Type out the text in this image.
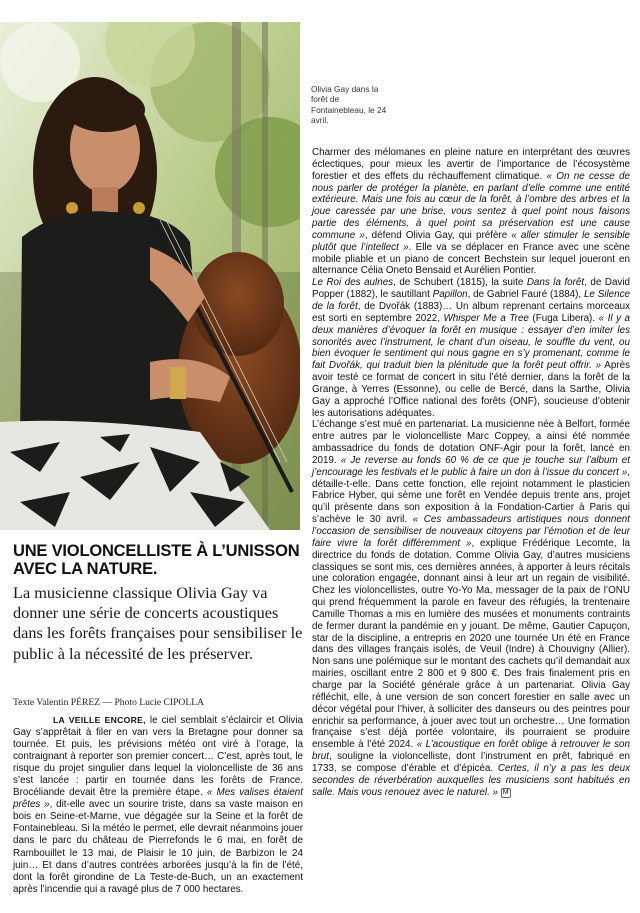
Olivia Gay dans la forêt de Fontainebleau, le 24 avril.
UNE VIOLONCELLISTE À L’UNISSON AVEC LA NATURE.

La musicienne classique Olivia Gay va donner une série de concerts acoustiques dans les forêts françaises pour sensibiliser le public à la nécessité de les préserver.

Texte Valentin PÉREZ — Photo Lucie CIPOLLA

LA VEILLE ENCORE, le ciel semblait s’éclaircir et Olivia Gay s’apprêtait à filer en van vers la Bretagne pour donner sa tournée. Et puis, les prévisions météo ont viré à l’orage, la contraignant à reporter son premier concert… C’est, après tout, le risque du projet singulier dans lequel la violoncelliste de 36 ans s’est lancée : partir en tournée dans les forêts de France. Brocéliande devait être la première étape. « Mes valises étaient prêtes », dit-elle avec un sourire triste, dans sa vaste maison en bois en Seine-et-Marne, vue dégagée sur la Seine et la forêt de Fontainebleau. Si la météo le permet, elle devrait néanmoins jouer dans le parc du château de Pierrefonds le 6 mai, en forêt de Rambouillet le 13 mai, de Plaisir le 10 juin, de Barbizon le 24 juin… Et dans d’autres contrées arborées jusqu’à la fin de l’été, dont la forêt girondine de La Teste-de-Buch, un an exactement après l’incendie qui a ravagé plus de 7 000 hectares.

Charmer des mélomanes en pleine nature en interprétant des œuvres éclectiques, pour mieux les avertir de l’importance de l’écosystème forestier et des effets du réchauffement climatique. « On ne cesse de nous parler de protéger la planète, en parlant d’elle comme une entité extérieure. Mais une fois au cœur de la forêt, à l’ombre des arbres et la joue caressée par une brise, vous sentez à quel point nous faisons partie des éléments, à quel point sa préservation est une cause commune », défend Olivia Gay, qui préfère « aller stimuler le sensible plutôt que l’intellect ». Elle va se déplacer en France avec une scène mobile pliable et un piano de concert Bechstein sur lequel joueront en alternance Célia Oneto Bensaid et Aurélien Pontier.

Le Roi des aulnes, de Schubert (1815), la suite Dans la forêt, de David Popper (1882), le sautillant Papillon, de Gabriel Fauré (1884), Le Silence de la forêt, de Dvořák (1883)… Un album reprenant certains morceaux est sorti en septembre 2022, Whisper Me a Tree (Fuga Libera). « Il y a deux manières d’évoquer la forêt en musique : essayer d’en imiter les sonorités avec l’instrument, le chant d’un oiseau, le souffle du vent, ou bien évoquer le sentiment qui nous gagne en s’y promenant, comme le fait Dvořák, qui traduit bien la plénitude que la forêt peut offrir. » Après avoir testé ce format de concert in situ l’été dernier, dans la forêt de la Grange, à Yerres (Essonne), ou celle de Bercé, dans la Sarthe, Olivia Gay a approché l’Office national des forêts (ONF), soucieuse d’obtenir les autorisations adéquates.

L’échange s’est mué en partenariat. La musicienne née à Belfort, formée entre autres par le violoncelliste Marc Coppey, a ainsi été nommée ambassadrice du fonds de dotation ONF-Agir pour la forêt, lancé en 2019. « Je reverse au fonds 60 % de ce que je touche sur l’album et j’encourage les festivals et le public à faire un don à l’issue du concert », détaille-t-elle. Dans cette fonction, elle rejoint notamment le plasticien Fabrice Hyber, qui sème une forêt en Vendée depuis trente ans, projet qu’il présente dans son exposition à la Fondation-Cartier à Paris qui s’achève le 30 avril. « Ces ambassadeurs artistiques nous donnent l’occasion de sensibiliser de nouveaux citoyens par l’émotion et de leur faire vivre la forêt différemment », explique Frédérique Lecomte, la directrice du fonds de dotation. Comme Olivia Gay, d’autres musiciens classiques se sont mis, ces dernières années, à apporter à leurs récitals une coloration engagée, donnant ainsi à leur art un regain de visibilité. Chez les violoncellistes, outre Yo-Yo Ma, messager de la paix de l’ONU qui prend fréquemment la parole en faveur des réfugiés, la trentenaire Camille Thomas a mis en lumière des musées et monuments contraints de fermer durant la pandémie en y jouant. De même, Gautier Capuçon, star de la discipline, a entrepris en 2020 une tournée Un été en France dans des villages français isolés, de Veuil (Indre) à Chouvigny (Allier). Non sans une polémique sur le montant des cachets qu’il demandait aux mairies, oscillant entre 2 800 et 9 800 €. Des frais finalement pris en charge par la Société générale grâce à un partenariat. Olivia Gay réfléchit, elle, à une version de son concert forestier en salle avec un décor végétal pour l’hiver, à solliciter des danseurs ou des peintres pour enrichir sa performance, à jouer avec tout un orchestre… Une formation française s’est déjà portée volontaire, ils pourraient se produire ensemble à l’été 2024. « L’acoustique en forêt oblige à retrouver le son brut, souligne la violoncelliste, dont l’instrument en prêt, fabriqué en 1733, se compose d’érable et d’épicéa. Certes, il n’y a pas les deux secondes de réverbération auxquelles les musiciens sont habitués en salle. Mais vous renouez avec le naturel. » M
